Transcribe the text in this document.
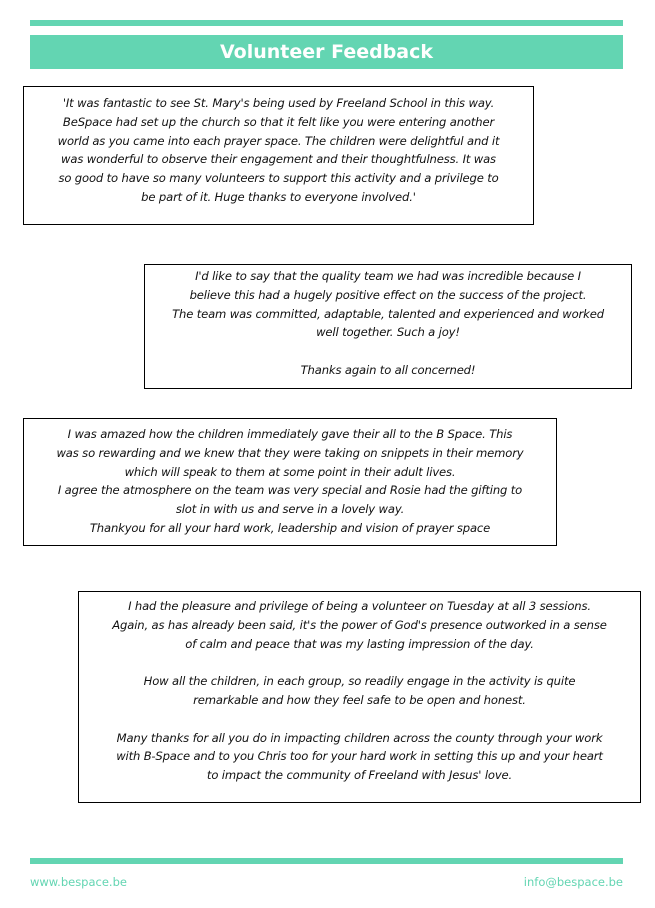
Volunteer Feedback

'It was fantastic to see St. Mary's being used by Freeland School in this way.

BeSpace had set up the church so that it felt like you were entering another

world as you came into each prayer space. The children were delightful and it

was wonderful to observe their engagement and their thoughtfulness. It was

so good to have so many volunteers to support this activity and a privilege to

be part of it. Huge thanks to everyone involved.'

I'd like to say that the quality team we had was incredible because I

believe this had a hugely positive effect on the success of the project.

The team was committed, adaptable, talented and experienced and worked

well together. Such a joy!

Thanks again to all concerned!

I was amazed how the children immediately gave their all to the B Space. This

was so rewarding and we knew that they were taking on snippets in their memory

which will speak to them at some point in their adult lives.

I agree the atmosphere on the team was very special and Rosie had the gifting to

slot in with us and serve in a lovely way.

Thankyou for all your hard work, leadership and vision of prayer space

I had the pleasure and privilege of being a volunteer on Tuesday at all 3 sessions.

Again, as has already been said, it's the power of God's presence outworked in a sense

of calm and peace that was my lasting impression of the day.

How all the children, in each group, so readily engage in the activity is quite

remarkable and how they feel safe to be open and honest.

Many thanks for all you do in impacting children across the county through your work

with B-Space and to you Chris too for your hard work in setting this up and your heart

to impact the community of Freeland with Jesus' love.

www.bespace.be	info@bespace.be
